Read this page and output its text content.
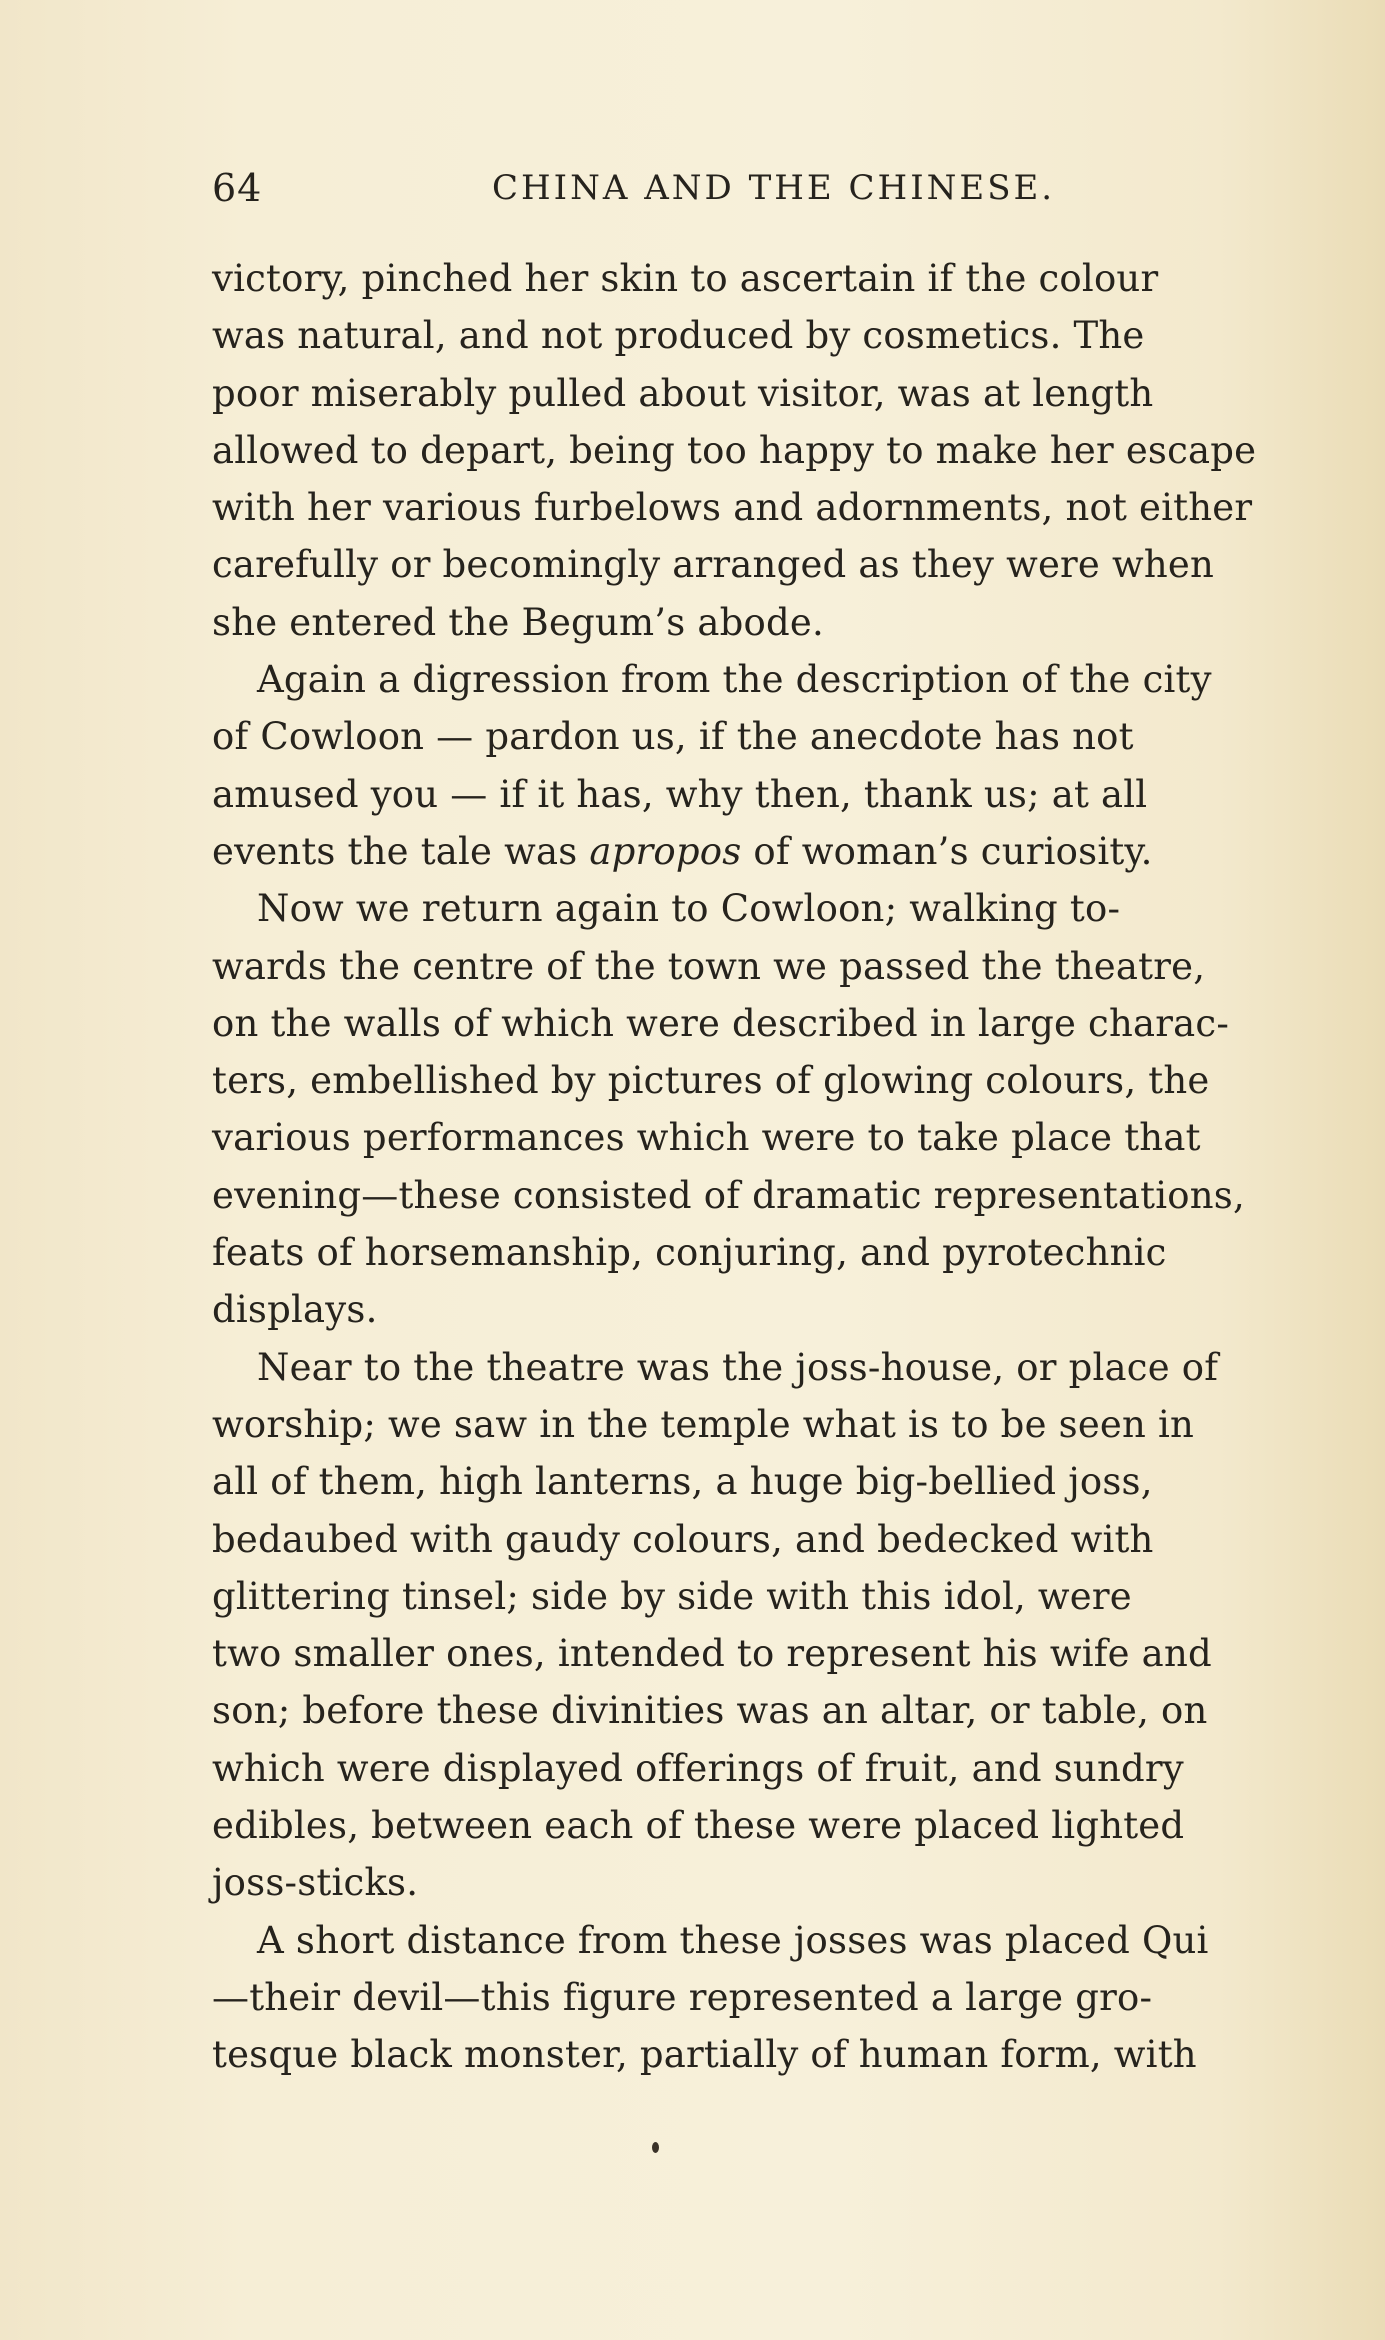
64	CHINA AND THE CHINESE.
victory, pinched her skin to ascertain if the colour
was natural, and not produced by cosmetics. The
poor miserably pulled about visitor, was at length
allowed to depart, being too happy to make her escape
with her various furbelows and adornments, not either
carefully or becomingly arranged as they were when
she entered the Begum’s abode.
Again a digression from the description of the city
of Cowloon — pardon us, if the anecdote has not
amused you — if it has, why then, thank us; at all
events the tale was apropos of woman’s curiosity.
Now we return again to Cowloon; walking to-
wards the centre of the town we passed the theatre,
on the walls of which were described in large charac-
ters, embellished by pictures of glowing colours, the
various performances which were to take place that
evening—these consisted of dramatic representations,
feats of horsemanship, conjuring, and pyrotechnic
displays.
Near to the theatre was the joss-house, or place of
worship; we saw in the temple what is to be seen in
all of them, high lanterns, a huge big-bellied joss,
bedaubed with gaudy colours, and bedecked with
glittering tinsel; side by side with this idol, were
two smaller ones, intended to represent his wife and
son; before these divinities was an altar, or table, on
which were displayed offerings of fruit, and sundry
edibles, between each of these were placed lighted
joss-sticks.
A short distance from these josses was placed Qui
—their devil—this figure represented a large gro-
tesque black monster, partially of human form, with
